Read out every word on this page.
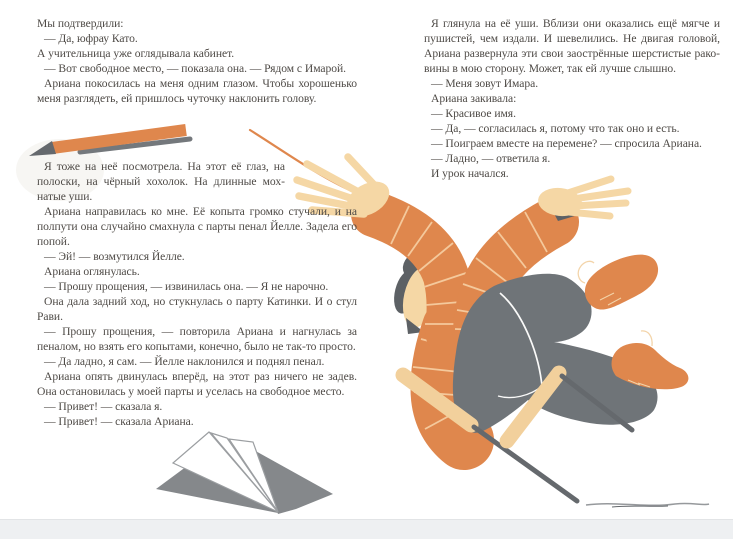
Мы подтвердили:

— Да, юфрау Като.

А учительница уже оглядывала кабинет.

— Вот свободное место, — показала она. — Рядом с Имарой.

Ариана покосилась на меня одним глазом. Чтобы хорошенько меня разглядеть, ей пришлось чуточку наклонить голову.

Я тоже на неё посмотрела. На этот её глаз, на полоски, на чёрный хохолок. На длинные мохнатые уши.

Ариана направилась ко мне. Её копыта громко стучали, и на полпути она случайно смахнула с парты пенал Йелле. Задела его попой.

— Эй! — возмутился Йелле.

Ариана оглянулась.

— Прошу прощения, — извинилась она. — Я не нарочно.

Она дала задний ход, но стукнулась о парту Катинки. И о стул Рави.

— Прошу прощения, — повторила Ариана и нагнулась за пеналом, но взять его копытами, конечно, было не так-то просто.

— Да ладно, я сам. — Йелле наклонился и поднял пенал.

Ариана опять двинулась вперёд, на этот раз ничего не задев. Она остановилась у моей парты и уселась на свободное место.

— Привет! — сказала я.

— Привет! — сказала Ариана.

Я глянула на её уши. Вблизи они оказались ещё мягче и пушистей, чем издали. И шевелились. Не двигая головой, Ариана развернула эти свои заострённые шерстистые раковины в мою сторону. Может, так ей лучше слышно.

— Меня зовут Имара.

Ариана закивала:

— Красивое имя.

— Да, — согласилась я, потому что так оно и есть.

— Поиграем вместе на перемене? — спросила Ариана.

— Ладно, — ответила я.

И урок начался.
